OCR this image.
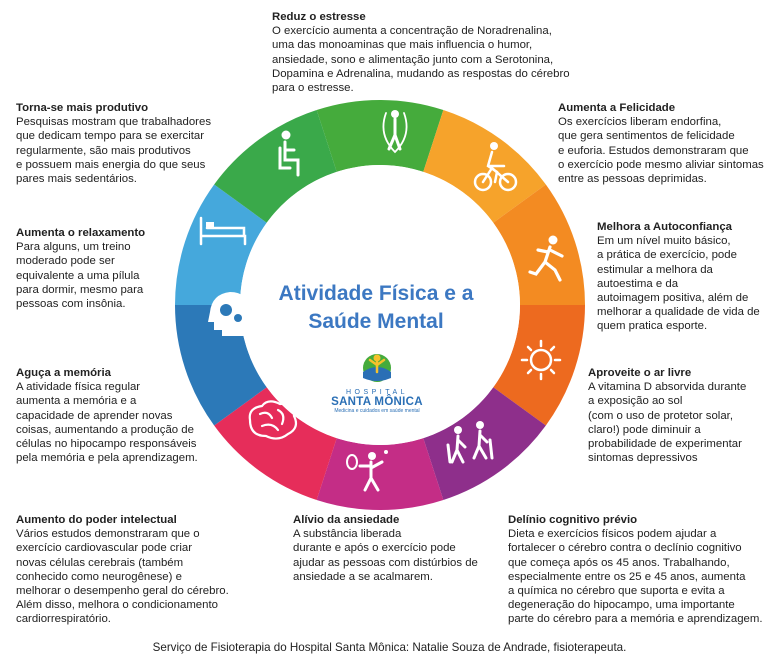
Atividade Física e a
Saúde Mental
HOSPITAL
SANTA MÔNICA
Medicina e cuidados em saúde mental
Reduz o estresse
O exercício aumenta a concentração de Noradrenalina,
uma das monoaminas que mais influencia o humor,
ansiedade, sono e alimentação junto com a Serotonina,
Dopamina e Adrenalina, mudando as respostas do cérebro
para o estresse.
Aumenta a Felicidade
Os exercícios liberam endorfina,
que gera sentimentos de felicidade
e euforia. Estudos demonstraram que
o exercício pode mesmo aliviar sintomas
entre as pessoas deprimidas.
Melhora a Autoconfiança
Em um nível muito básico,
a prática de exercício, pode
estimular a melhora da
autoestima e da
autoimagem positiva, além de
melhorar a qualidade de vida de
quem pratica esporte.
Aproveite o ar livre
A vitamina D absorvida durante
a exposição ao sol
(com o uso de protetor solar,
claro!) pode diminuir a
probabilidade de experimentar
sintomas depressivos
Delínio cognitivo prévio
Dieta e exercícios físicos podem ajudar a
fortalecer o cérebro contra o declínio cognitivo
que começa após os 45 anos. Trabalhando,
especialmente entre os 25 e 45 anos, aumenta
a química no cérebro que suporta e evita a
degeneração do hipocampo, uma importante
parte do cérebro para a memória e aprendizagem.
Alívio da ansiedade
A substância liberada
durante e após o exercício pode
ajudar as pessoas com distúrbios de
ansiedade a se acalmarem.
Aumento do poder intelectual
Vários estudos demonstraram que o
exercício cardiovascular pode criar
novas células cerebrais (também
conhecido como neurogênese) e
melhorar o desempenho geral do cérebro.
Além disso, melhora o condicionamento
cardiorrespiratório.
Aguça a memória
A atividade física regular
aumenta a memória e a
capacidade de aprender novas
coisas, aumentando a produção de
células no hipocampo responsáveis
pela memória e pela aprendizagem.
Aumenta o relaxamento
Para alguns, um treino
moderado pode ser
equivalente a uma pílula
para dormir, mesmo para
pessoas com insônia.
Torna-se mais produtivo
Pesquisas mostram que trabalhadores
que dedicam tempo para se exercitar
regularmente, são mais produtivos
e possuem mais energia do que seus
pares mais sedentários.
Serviço de Fisioterapia do Hospital Santa Mônica: Natalie Souza de Andrade, fisioterapeuta.
